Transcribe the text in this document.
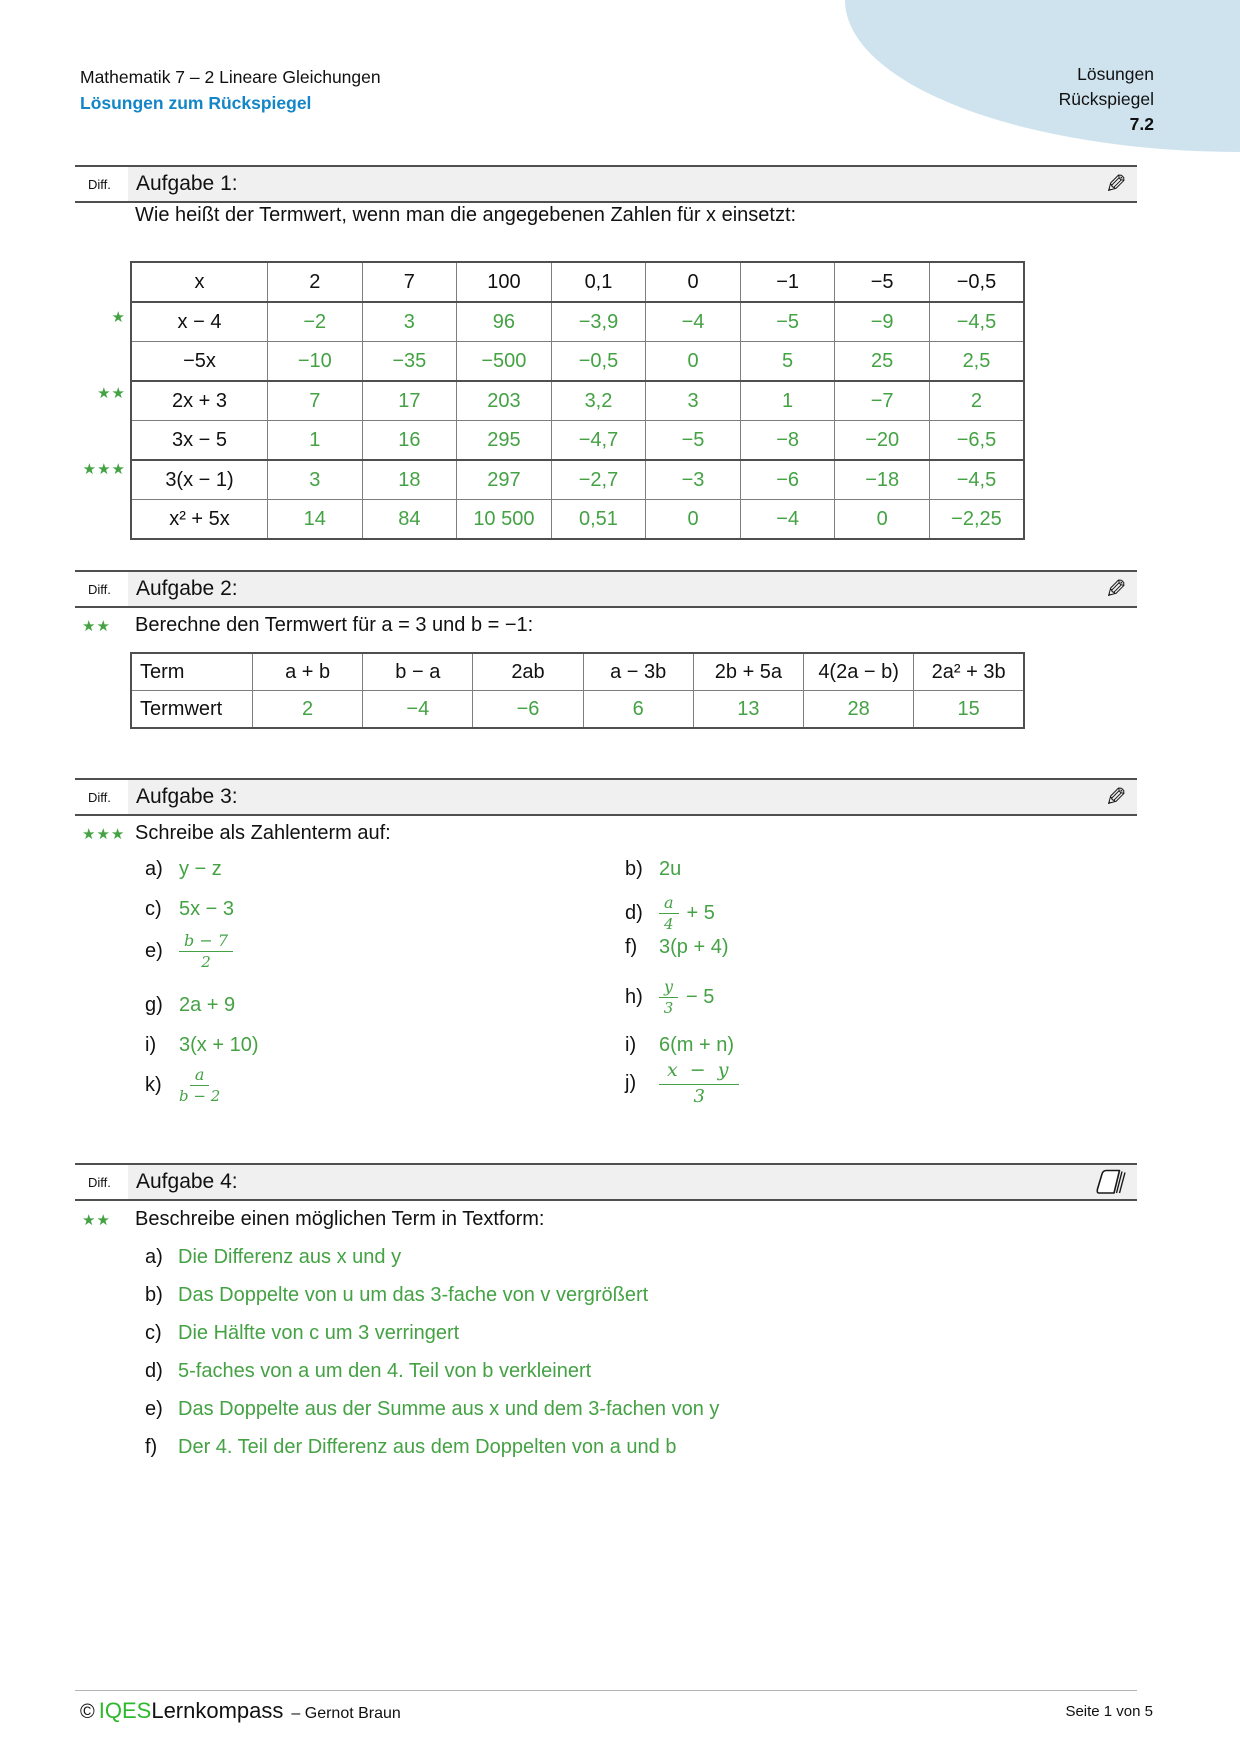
Mathematik 7 – 2 Lineare Gleichungen
Lösungen zum Rückspiegel
Lösungen
Rückspiegel
7.2
Diff.	Aufgabe 1:	✎
Wie heißt der Termwert, wenn man die angegebenen Zahlen für x einsetzt:
★
★★
★★★
x	2	7	100	0,1	0	−1	−5	−0,5
x − 4	−2	3	96	−3,9	−4	−5	−9	−4,5
−5x	−10	−35	−500	−0,5	0	5	25	2,5
2x + 3	7	17	203	3,2	3	1	−7	2
3x − 5	1	16	295	−4,7	−5	−8	−20	−6,5
3(x − 1)	3	18	297	−2,7	−3	−6	−18	−4,5
x² + 5x	14	84	10 500	0,51	0	−4	0	−2,25
Diff.	Aufgabe 2:	✎
★★	Berechne den Termwert für a = 3 und b = −1:
Term	a + b	b − a	2ab	a − 3b	2b + 5a	4(2a − b)	2a² + 3b
Termwert	2	−4	−6	6	13	28	15
Diff.	Aufgabe 3:	✎
★★★ Schreibe als Zahlenterm auf:
a) y − z
c) 5x − 3
e)	$\frac{b - 7}{2}$
g) 2a + 9
i)	3(x + 10)
k)	$\frac{a}{b - 2}$
b) 2u
d)	$\frac{a}{4} + 5$
f)	3(p + 4)
h)	$\frac{y}{3} - 5$
i)	6(m + n)
j)	$\frac{x - y}{3}$
Diff.	Aufgabe 4:
★★	Beschreibe einen möglichen Term in Textform:
a) Die Differenz aus x und y
b) Das Doppelte von u um das 3-fache von v vergrößert
c) Die Hälfte von c um 3 verringert
d) 5-faches von a um den 4. Teil von b verkleinert
e) Das Doppelte aus der Summe aus x und dem 3-fachen von y
f)	Der 4. Teil der Differenz aus dem Doppelten von a und b
© IQES Lernkompass – Gernot Braun	Seite 1 von 5
